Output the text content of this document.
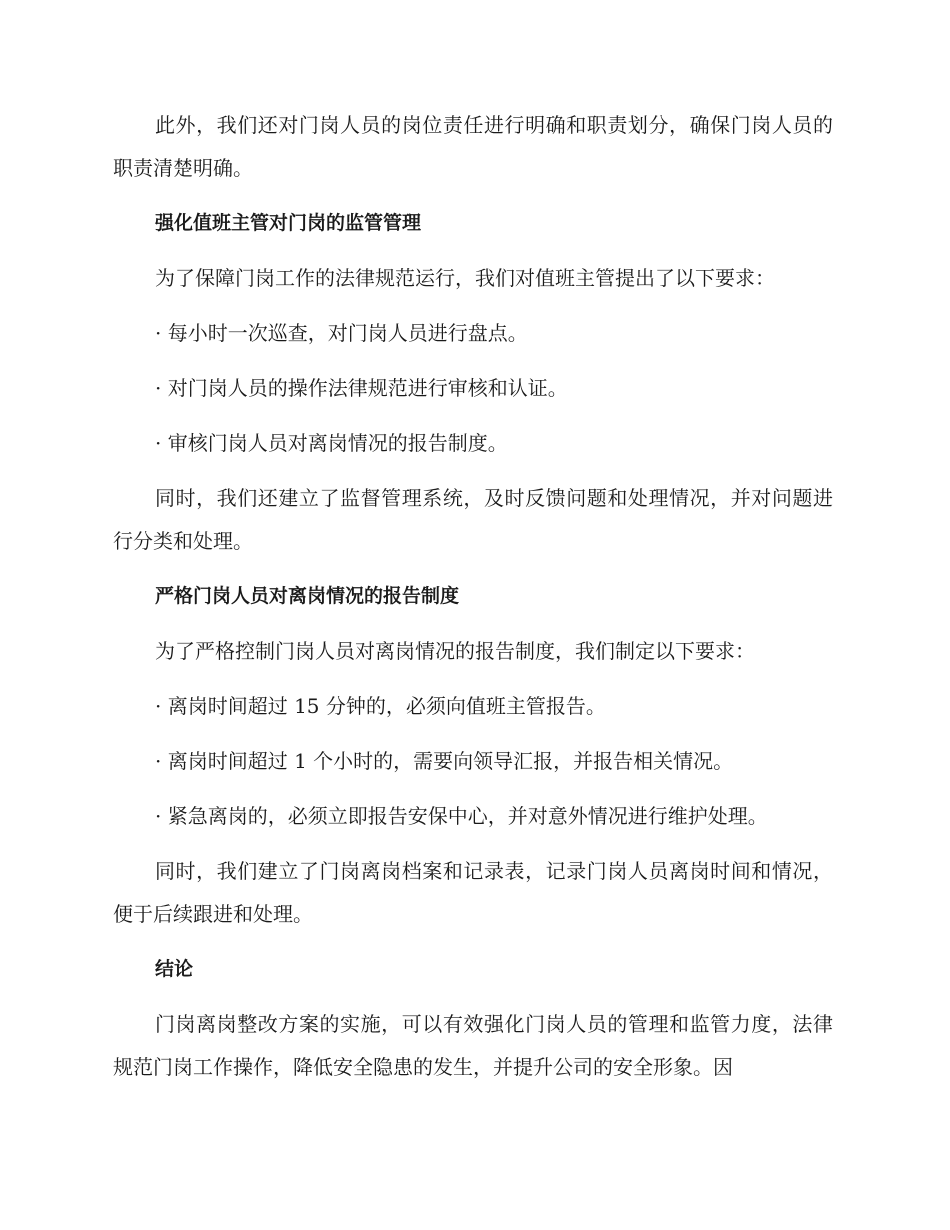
此外，我们还对门岗人员的岗位责任进行明确和职责划分，确保门岗人员的职责清楚明确。

强化值班主管对门岗的监管管理

为了保障门岗工作的法律规范运行，我们对值班主管提出了以下要求：

· 每小时一次巡查，对门岗人员进行盘点。
· 对门岗人员的操作法律规范进行审核和认证。
· 审核门岗人员对离岗情况的报告制度。

同时，我们还建立了监督管理系统，及时反馈问题和处理情况，并对问题进行分类和处理。

严格门岗人员对离岗情况的报告制度

为了严格控制门岗人员对离岗情况的报告制度，我们制定以下要求：

· 离岗时间超过 15 分钟的，必须向值班主管报告。
· 离岗时间超过 1 个小时的，需要向领导汇报，并报告相关情况。
· 紧急离岗的，必须立即报告安保中心，并对意外情况进行维护处理。

同时，我们建立了门岗离岗档案和记录表，记录门岗人员离岗时间和情况，便于后续跟进和处理。

结论

门岗离岗整改方案的实施，可以有效强化门岗人员的管理和监管力度，法律规范门岗工作操作，降低安全隐患的发生，并提升公司的安全形象。因
